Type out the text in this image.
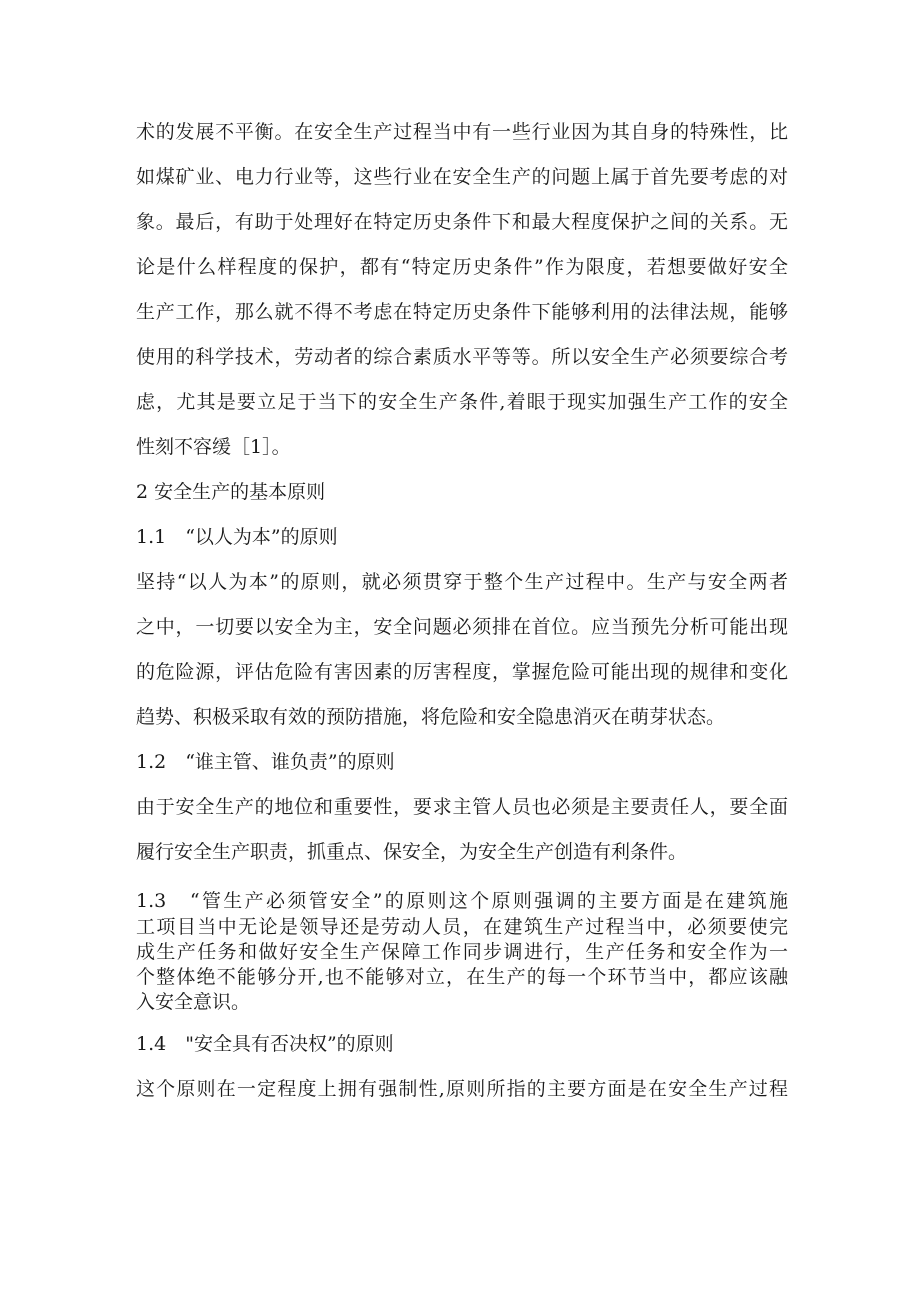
术的发展不平衡。在安全生产过程当中有一些行业因为其自身的特殊性，比
如煤矿业、电力行业等，这些行业在安全生产的问题上属于首先要考虑的对
象。最后，有助于处理好在特定历史条件下和最大程度保护之间的关系。无
论是什么样程度的保护，都有“特定历史条件”作为限度，若想要做好安全
生产工作，那么就不得不考虑在特定历史条件下能够利用的法律法规，能够
使用的科学技术，劳动者的综合素质水平等等。所以安全生产必须要综合考
虑，尤其是要立足于当下的安全生产条件,着眼于现实加强生产工作的安全
性刻不容缓［1］。
2 安全生产的基本原则
1.1　“以人为本”的原则
坚持“以人为本”的原则，就必须贯穿于整个生产过程中。生产与安全两者
之中，一切要以安全为主，安全问题必须排在首位。应当预先分析可能出现
的危险源，评估危险有害因素的厉害程度，掌握危险可能出现的规律和变化
趋势、积极采取有效的预防措施，将危险和安全隐患消灭在萌芽状态。
1.2　“谁主管、谁负责”的原则
由于安全生产的地位和重要性，要求主管人员也必须是主要责任人，要全面
履行安全生产职责，抓重点、保安全，为安全生产创造有利条件。
1.3　“管生产必须管安全”的原则这个原则强调的主要方面是在建筑施
工项目当中无论是领导还是劳动人员，在建筑生产过程当中，必须要使完
成生产任务和做好安全生产保障工作同步调进行，生产任务和安全作为一
个整体绝不能够分开,也不能够对立，在生产的每一个环节当中，都应该融
入安全意识。
1.4　"安全具有否决权”的原则
这个原则在一定程度上拥有强制性,原则所指的主要方面是在安全生产过程
